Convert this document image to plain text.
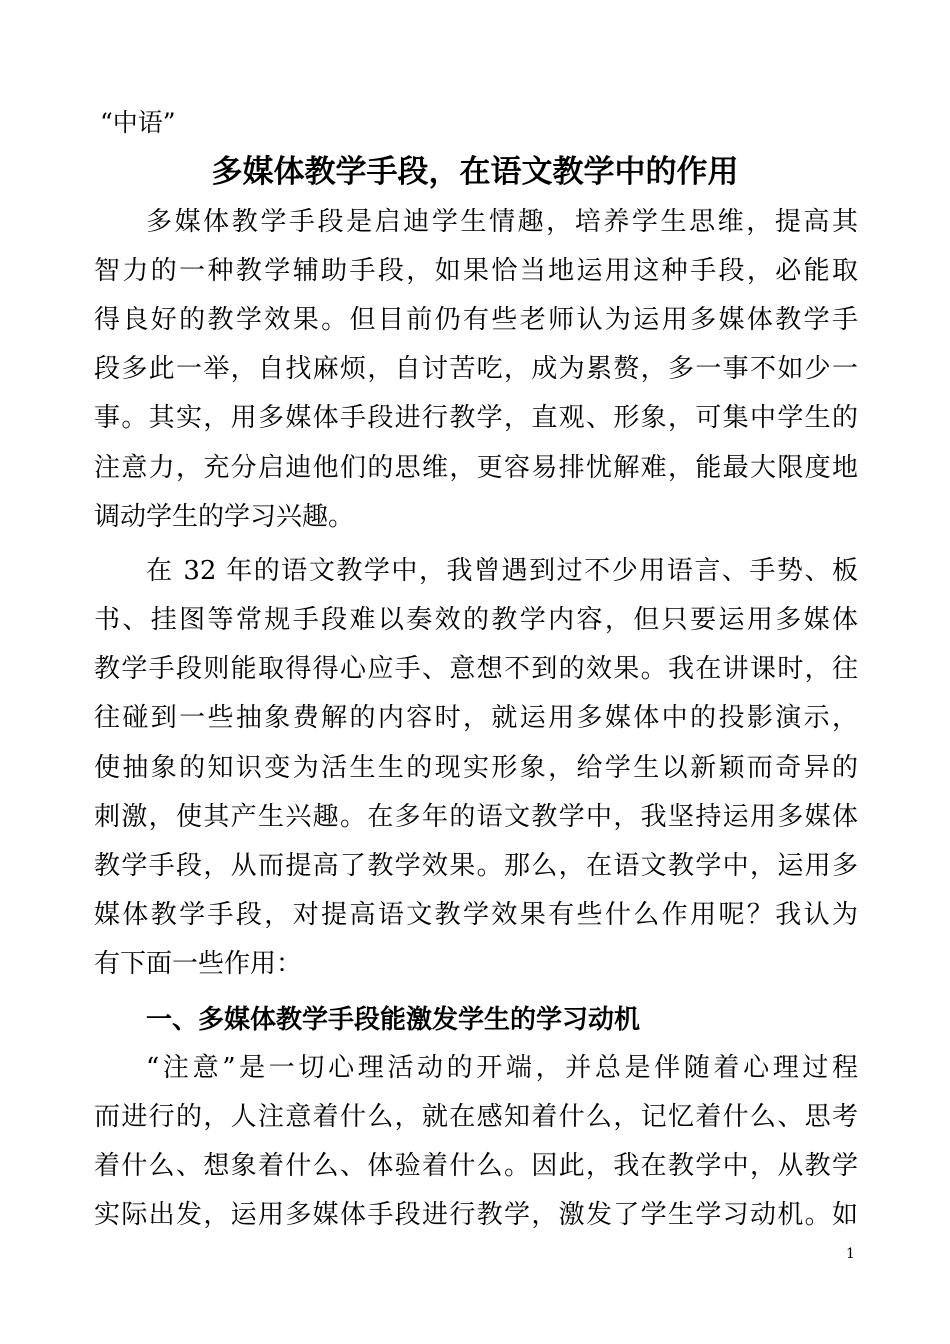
“中语”
多媒体教学手段，在语文教学中的作用
多媒体教学手段是启迪学生情趣，培养学生思维，提高其
智力的一种教学辅助手段，如果恰当地运用这种手段，必能取
得良好的教学效果。但目前仍有些老师认为运用多媒体教学手
段多此一举，自找麻烦，自讨苦吃，成为累赘，多一事不如少一
事。其实，用多媒体手段进行教学，直观、形象，可集中学生的
注意力，充分启迪他们的思维，更容易排忧解难，能最大限度地
调动学生的学习兴趣。
在 32 年的语文教学中，我曾遇到过不少用语言、手势、板
书、挂图等常规手段难以奏效的教学内容，但只要运用多媒体
教学手段则能取得得心应手、意想不到的效果。我在讲课时，往
往碰到一些抽象费解的内容时，就运用多媒体中的投影演示，
使抽象的知识变为活生生的现实形象，给学生以新颖而奇异的
刺激，使其产生兴趣。在多年的语文教学中，我坚持运用多媒体
教学手段，从而提高了教学效果。那么，在语文教学中，运用多
媒体教学手段，对提高语文教学效果有些什么作用呢？我认为
有下面一些作用：
一、多媒体教学手段能激发学生的学习动机
“注意”是一切心理活动的开端，并总是伴随着心理过程
而进行的，人注意着什么，就在感知着什么，记忆着什么、思考
着什么、想象着什么、体验着什么。因此，我在教学中，从教学
实际出发，运用多媒体手段进行教学，激发了学生学习动机。如
1
